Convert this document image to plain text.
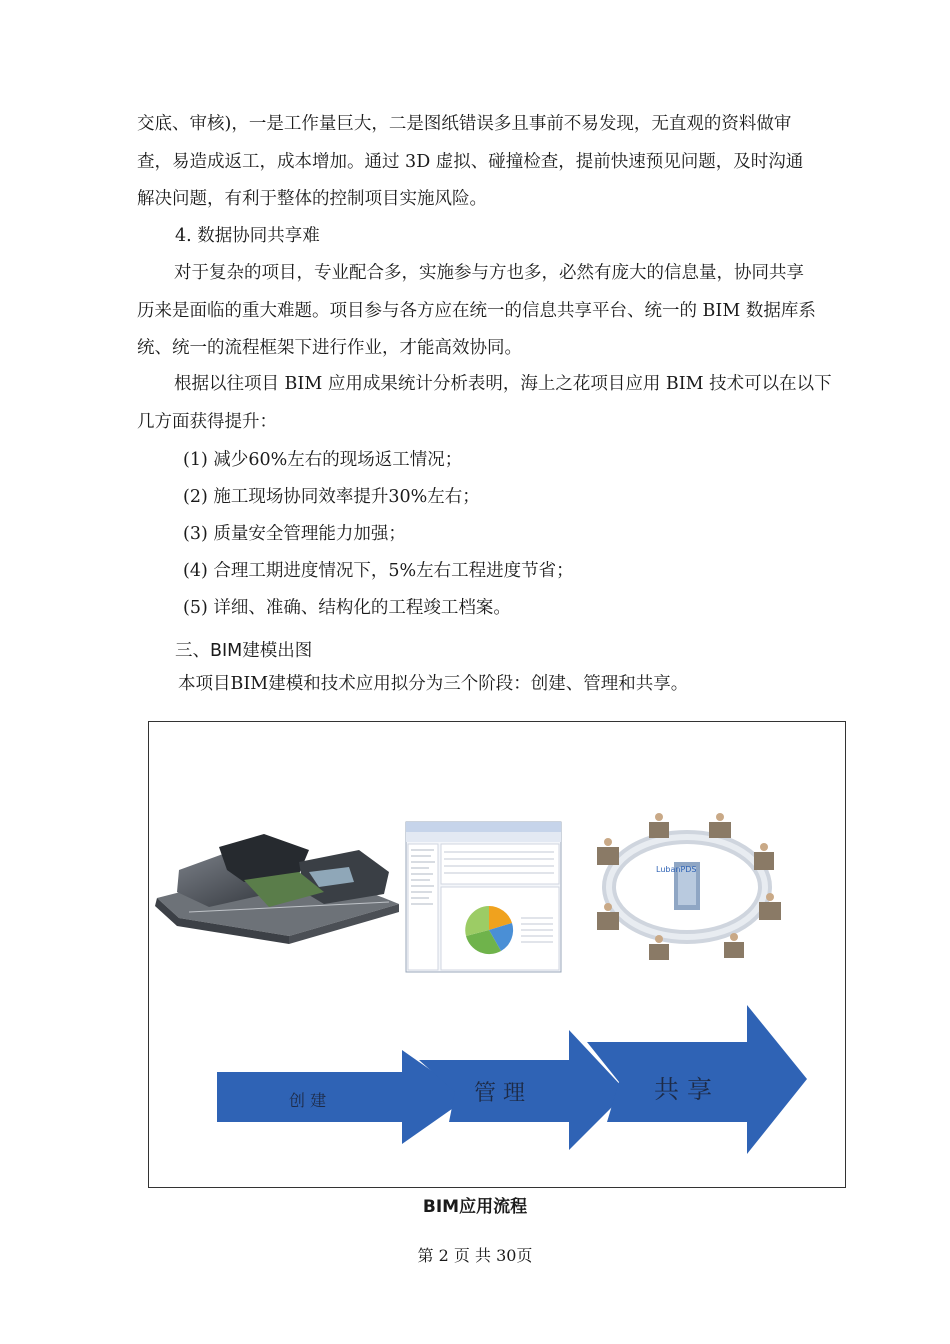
交底、审核)，一是工作量巨大，二是图纸错误多且事前不易发现，无直观的资料做审
查，易造成返工，成本增加。通过 3D 虚拟、碰撞检查，提前快速预见问题，及时沟通
解决问题，有利于整体的控制项目实施风险。
4. 数据协同共享难
对于复杂的项目，专业配合多，实施参与方也多，必然有庞大的信息量，协同共享
历来是面临的重大难题。项目参与各方应在统一的信息共享平台、统一的 BIM 数据库系
统、统一的流程框架下进行作业，才能高效协同。
根据以往项目 BIM 应用成果统计分析表明，海上之花项目应用 BIM 技术可以在以下
几方面获得提升：
(1) 减少60%左右的现场返工情况；
(2) 施工现场协同效率提升30%左右；
(3) 质量安全管理能力加强；
(4) 合理工期进度情况下，5%左右工程进度节省；
(5) 详细、准确、结构化的工程竣工档案。
三、BIM建模出图
本项目BIM建模和技术应用拟分为三个阶段：创建、管理和共享。
LubanPDS
创 建	管 理	共 享
BIM应用流程
第 2 页 共 30页
